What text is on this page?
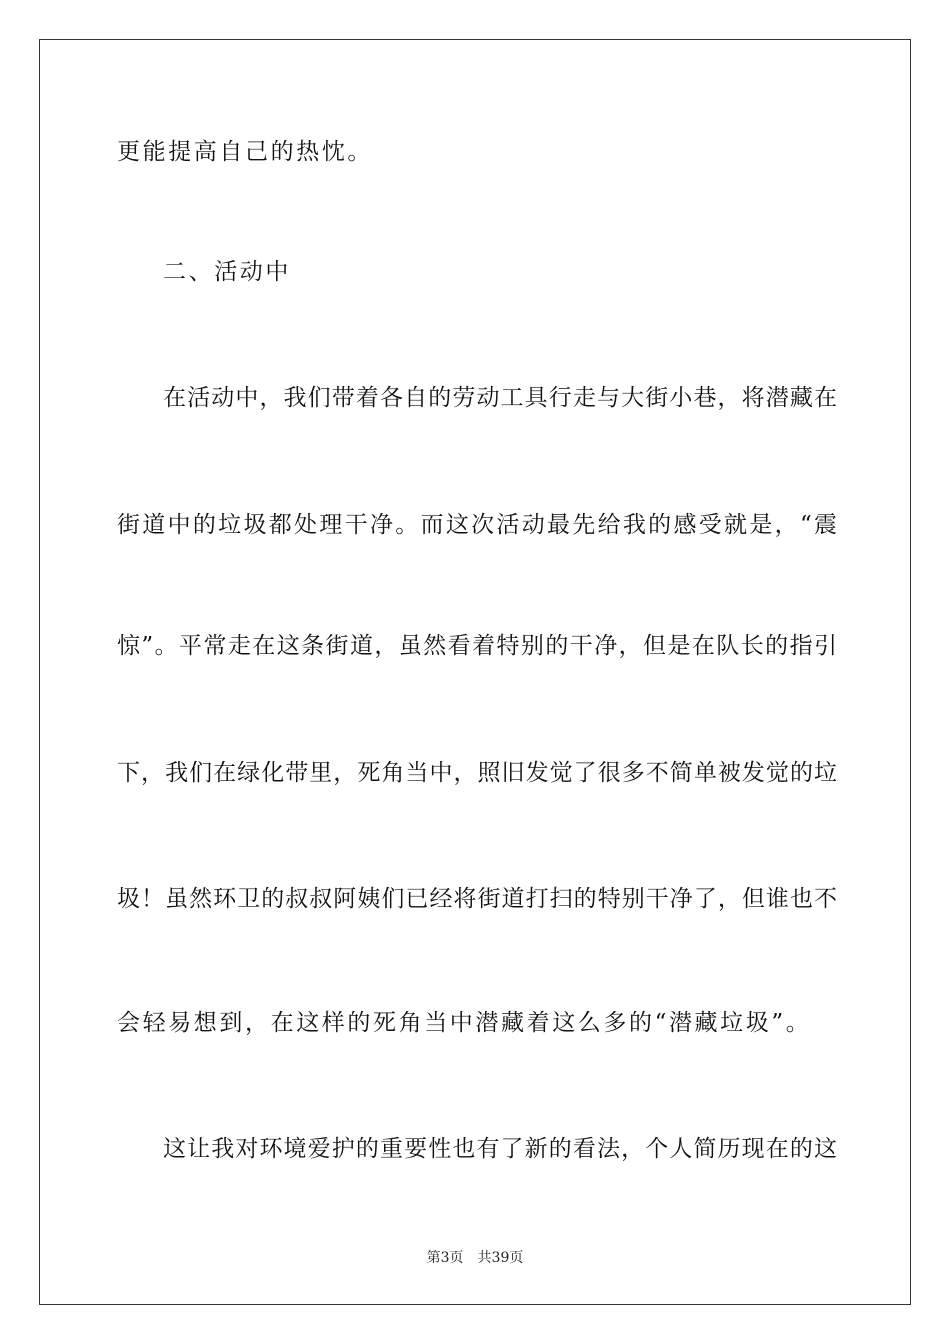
更能提高自己的热忱。
二、活动中
在活动中，我们带着各自的劳动工具行走与大街小巷，将潜藏在
街道中的垃圾都处理干净。而这次活动最先给我的感受就是，“震
惊”。平常走在这条街道，虽然看着特别的干净，但是在队长的指引
下，我们在绿化带里，死角当中，照旧发觉了很多不简单被发觉的垃
圾！虽然环卫的叔叔阿姨们已经将街道打扫的特别干净了，但谁也不
会轻易想到，在这样的死角当中潜藏着这么多的“潜藏垃圾”。
这让我对环境爱护的重要性也有了新的看法，个人简历现在的这
第3页　共39页
